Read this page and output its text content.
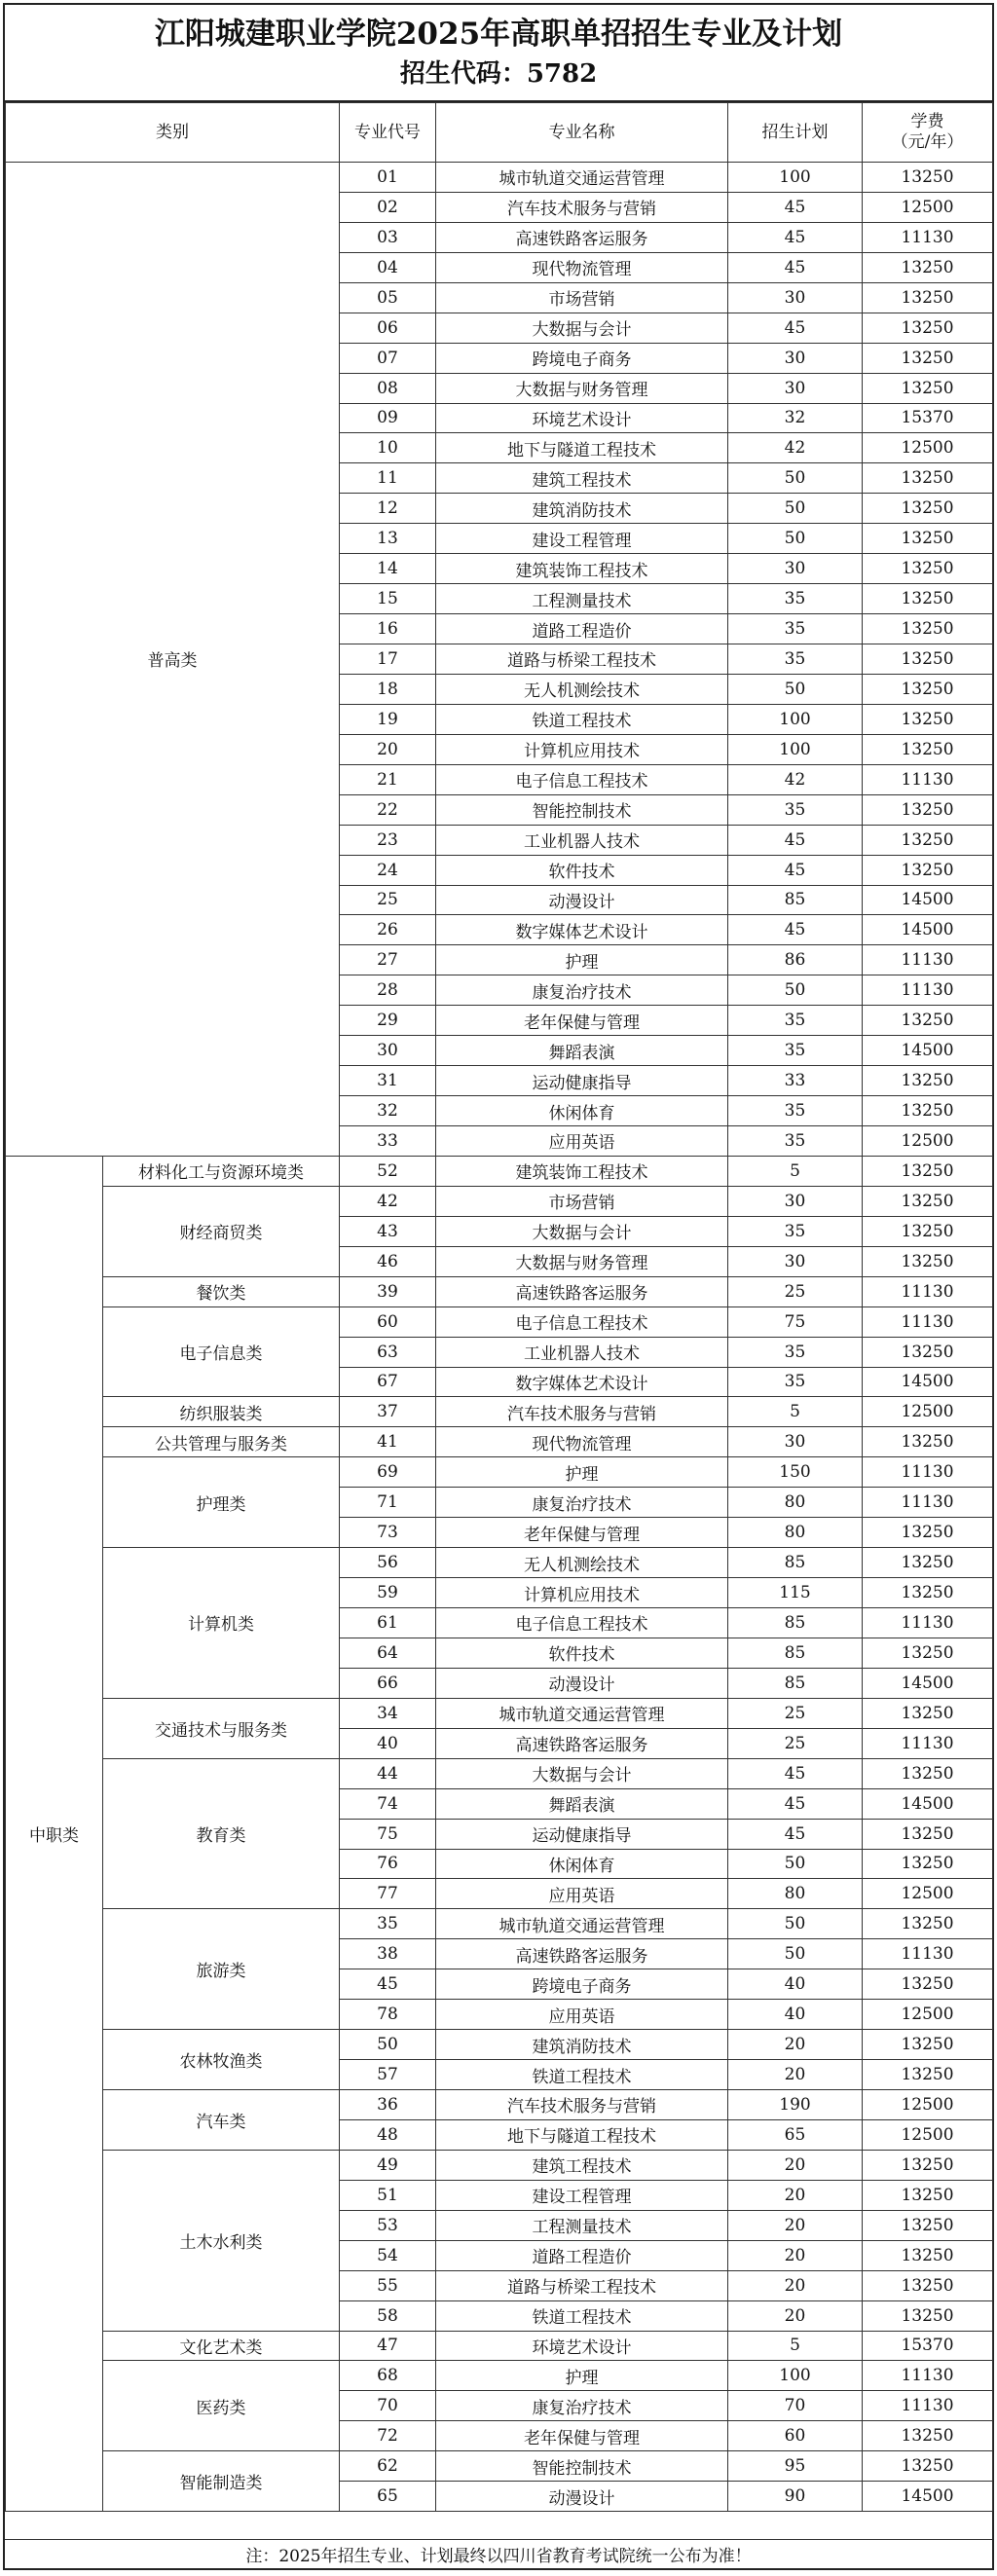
江阳城建职业学院2025年高职单招招生专业及计划
招生代码：5782
类别		专业代号	专业名称	招生计划	学费
（元/年）
普高类		01	城市轨道交通运营管理	100	13250
		02	汽车技术服务与营销	45	12500
		03	高速铁路客运服务	45	11130
		04	现代物流管理	45	13250
		05	市场营销	30	13250
		06	大数据与会计	45	13250
		07	跨境电子商务	30	13250
		08	大数据与财务管理	30	13250
		09	环境艺术设计	32	15370
		10	地下与隧道工程技术	42	12500
		11	建筑工程技术	50	13250
		12	建筑消防技术	50	13250
		13	建设工程管理	50	13250
		14	建筑装饰工程技术	30	13250
		15	工程测量技术	35	13250
		16	道路工程造价	35	13250
		17	道路与桥梁工程技术	35	13250
		18	无人机测绘技术	50	13250
		19	铁道工程技术	100	13250
		20	计算机应用技术	100	13250
		21	电子信息工程技术	42	11130
		22	智能控制技术	35	13250
		23	工业机器人技术	45	13250
		24	软件技术	45	13250
		25	动漫设计	85	14500
		26	数字媒体艺术设计	45	14500
		27	护理	86	11130
		28	康复治疗技术	50	11130
		29	老年保健与管理	35	13250
		30	舞蹈表演	35	14500
		31	运动健康指导	33	13250
		32	休闲体育	35	13250
		33	应用英语	35	12500
中职类	材料化工与资源环境类	52	建筑装饰工程技术	5	13250
	财经商贸类	42	市场营销	30	13250
		43	大数据与会计	35	13250
		46	大数据与财务管理	30	13250
	餐饮类	39	高速铁路客运服务	25	11130
	电子信息类	60	电子信息工程技术	75	11130
		63	工业机器人技术	35	13250
		67	数字媒体艺术设计	35	14500
	纺织服装类	37	汽车技术服务与营销	5	12500
	公共管理与服务类	41	现代物流管理	30	13250
	护理类	69	护理	150	11130
		71	康复治疗技术	80	11130
		73	老年保健与管理	80	13250
	计算机类	56	无人机测绘技术	85	13250
		59	计算机应用技术	115	13250
		61	电子信息工程技术	85	11130
		64	软件技术	85	13250
		66	动漫设计	85	14500
	交通技术与服务类	34	城市轨道交通运营管理	25	13250
		40	高速铁路客运服务	25	11130
	教育类	44	大数据与会计	45	13250
		74	舞蹈表演	45	14500
		75	运动健康指导	45	13250
		76	休闲体育	50	13250
		77	应用英语	80	12500
	旅游类	35	城市轨道交通运营管理	50	13250
		38	高速铁路客运服务	50	11130
		45	跨境电子商务	40	13250
		78	应用英语	40	12500
	农林牧渔类	50	建筑消防技术	20	13250
		57	铁道工程技术	20	13250
	汽车类	36	汽车技术服务与营销	190	12500
		48	地下与隧道工程技术	65	12500
	土木水利类	49	建筑工程技术	20	13250
		51	建设工程管理	20	13250
		53	工程测量技术	20	13250
		54	道路工程造价	20	13250
		55	道路与桥梁工程技术	20	13250
		58	铁道工程技术	20	13250
	文化艺术类	47	环境艺术设计	5	15370
	医药类	68	护理	100	11130
		70	康复治疗技术	70	11130
		72	老年保健与管理	60	13250
	智能制造类	62	智能控制技术	95	13250
		65	动漫设计	90	14500
注：2025年招生专业、计划最终以四川省教育考试院统一公布为准！
